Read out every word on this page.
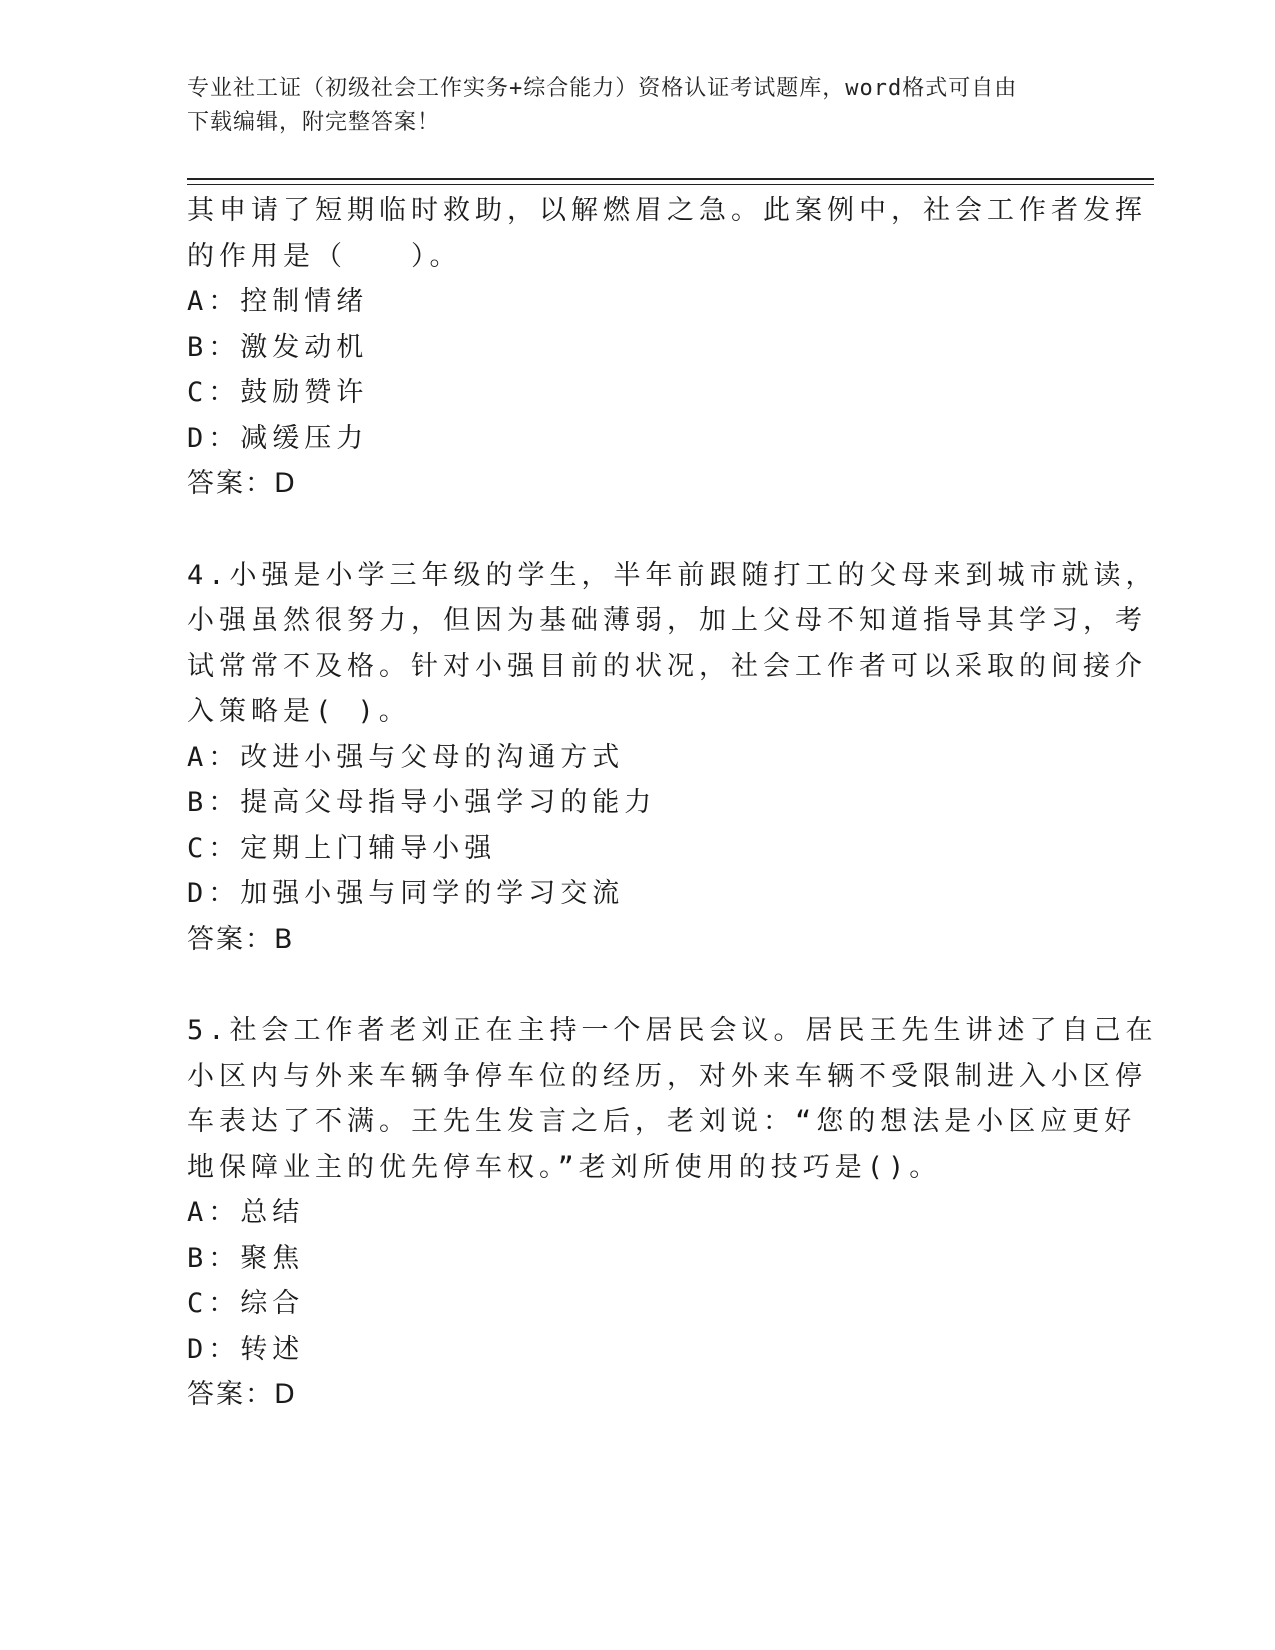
专业社工证（初级社会工作实务+综合能力）资格认证考试题库，word格式可自由
下载编辑，附完整答案！
其申请了短期临时救助，以解燃眉之急。此案例中，社会工作者发挥
的作用是（　　）。
A：控制情绪
B：激发动机
C：鼓励赞许
D：减缓压力
答案：D
4.小强是小学三年级的学生，半年前跟随打工的父母来到城市就读，
小强虽然很努力，但因为基础薄弱，加上父母不知道指导其学习，考
试常常不及格。针对小强目前的状况，社会工作者可以采取的间接介
入策略是( )。
A：改进小强与父母的沟通方式
B：提高父母指导小强学习的能力
C：定期上门辅导小强
D：加强小强与同学的学习交流
答案：B
5.社会工作者老刘正在主持一个居民会议。居民王先生讲述了自己在
小区内与外来车辆争停车位的经历，对外来车辆不受限制进入小区停
车表达了不满。王先生发言之后，老刘说：“您的想法是小区应更好
地保障业主的优先停车权。”老刘所使用的技巧是()。
A：总结
B：聚焦
C：综合
D：转述
答案：D
